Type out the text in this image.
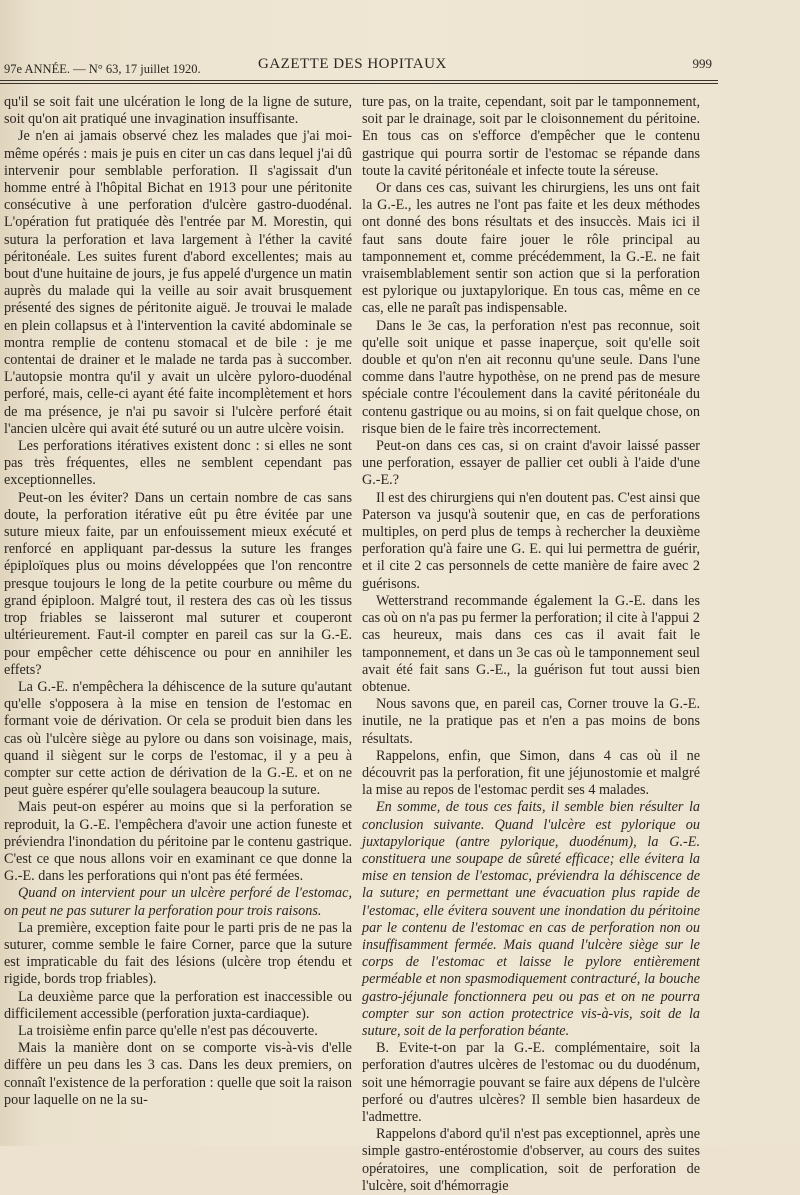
97e ANNÉE. — N° 63, 17 juillet 1920.	GAZETTE DES HOPITAUX	999

qu'il se soit fait une ulcération le long de la ligne de suture, soit qu'on ait pratiqué une invagination insuffisante.

Je n'en ai jamais observé chez les malades que j'ai moi-même opérés : mais je puis en citer un cas dans lequel j'ai dû intervenir pour semblable perforation. Il s'agissait d'un homme entré à l'hôpital Bichat en 1913 pour une péritonite consécutive à une perforation d'ulcère gastro-duodénal. L'opération fut pratiquée dès l'entrée par M. Morestin, qui sutura la perforation et lava largement à l'éther la cavité péritonéale. Les suites furent d'abord excellentes; mais au bout d'une huitaine de jours, je fus appelé d'urgence un matin auprès du malade qui la veille au soir avait brusquement présenté des signes de péritonite aiguë. Je trouvai le malade en plein collapsus et à l'intervention la cavité abdominale se montra remplie de contenu stomacal et de bile : je me contentai de drainer et le malade ne tarda pas à succomber. L'autopsie montra qu'il y avait un ulcère pyloro-duodénal perforé, mais, celle-ci ayant été faite incomplètement et hors de ma présence, je n'ai pu savoir si l'ulcère perforé était l'ancien ulcère qui avait été suturé ou un autre ulcère voisin.

Les perforations itératives existent donc : si elles ne sont pas très fréquentes, elles ne semblent cependant pas exceptionnelles.

Peut-on les éviter? Dans un certain nombre de cas sans doute, la perforation itérative eût pu être évitée par une suture mieux faite, par un enfouissement mieux exécuté et renforcé en appliquant par-dessus la suture les franges épiploïques plus ou moins développées que l'on rencontre presque toujours le long de la petite courbure ou même du grand épiploon. Malgré tout, il restera des cas où les tissus trop friables se laisseront mal suturer et couperont ultérieurement. Faut-il compter en pareil cas sur la G.-E. pour empêcher cette déhiscence ou pour en annihiler les effets?

La G.-E. n'empêchera la déhiscence de la suture qu'autant qu'elle s'opposera à la mise en tension de l'estomac en formant voie de dérivation. Or cela se produit bien dans les cas où l'ulcère siège au pylore ou dans son voisinage, mais, quand il siègent sur le corps de l'estomac, il y a peu à compter sur cette action de dérivation de la G.-E. et on ne peut guère espérer qu'elle soulagera beaucoup la suture.

Mais peut-on espérer au moins que si la perforation se reproduit, la G.-E. l'empêchera d'avoir une action funeste et préviendra l'inondation du péritoine par le contenu gastrique. C'est ce que nous allons voir en examinant ce que donne la G.-E. dans les perforations qui n'ont pas été fermées.

Quand on intervient pour un ulcère perforé de l'estomac, on peut ne pas suturer la perforation pour trois raisons.

La première, exception faite pour le parti pris de ne pas la suturer, comme semble le faire Corner, parce que la suture est impraticable du fait des lésions (ulcère trop étendu et rigide, bords trop friables).

La deuxième parce que la perforation est inaccessible ou difficilement accessible (perforation juxta-cardiaque).

La troisième enfin parce qu'elle n'est pas découverte.

Mais la manière dont on se comporte vis-à-vis d'elle diffère un peu dans les 3 cas. Dans les deux premiers, on connaît l'existence de la perforation : quelle que soit la raison pour laquelle on ne la su-

ture pas, on la traite, cependant, soit par le tamponnement, soit par le drainage, soit par le cloisonnement du péritoine. En tous cas on s'efforce d'empêcher que le contenu gastrique qui pourra sortir de l'estomac se répande dans toute la cavité péritonéale et infecte toute la séreuse.

Or dans ces cas, suivant les chirurgiens, les uns ont fait la G.-E., les autres ne l'ont pas faite et les deux méthodes ont donné des bons résultats et des insuccès. Mais ici il faut sans doute faire jouer le rôle principal au tamponnement et, comme précédemment, la G.-E. ne fait vraisemblablement sentir son action que si la perforation est pylorique ou juxtapylorique. En tous cas, même en ce cas, elle ne paraît pas indispensable.

Dans le 3e cas, la perforation n'est pas reconnue, soit qu'elle soit unique et passe inaperçue, soit qu'elle soit double et qu'on n'en ait reconnu qu'une seule. Dans l'une comme dans l'autre hypothèse, on ne prend pas de mesure spéciale contre l'écoulement dans la cavité péritonéale du contenu gastrique ou au moins, si on fait quelque chose, on risque bien de le faire très incorrectement.

Peut-on dans ces cas, si on craint d'avoir laissé passer une perforation, essayer de pallier cet oubli à l'aide d'une G.-E.?

Il est des chirurgiens qui n'en doutent pas. C'est ainsi que Paterson va jusqu'à soutenir que, en cas de perforations multiples, on perd plus de temps à rechercher la deuxième perforation qu'à faire une G. E. qui lui permettra de guérir, et il cite 2 cas personnels de cette manière de faire avec 2 guérisons.

Wetterstrand recommande également la G.-E. dans les cas où on n'a pas pu fermer la perforation; il cite à l'appui 2 cas heureux, mais dans ces cas il avait fait le tamponnement, et dans un 3e cas où le tamponnement seul avait été fait sans G.-E., la guérison fut tout aussi bien obtenue.

Nous savons que, en pareil cas, Corner trouve la G.-E. inutile, ne la pratique pas et n'en a pas moins de bons résultats.

Rappelons, enfin, que Simon, dans 4 cas où il ne découvrit pas la perforation, fit une jéjunostomie et malgré la mise au repos de l'estomac perdit ses 4 malades.

En somme, de tous ces faits, il semble bien résulter la conclusion suivante. Quand l'ulcère est pylorique ou juxtapylorique (antre pylorique, duodénum), la G.-E. constituera une soupape de sûreté efficace; elle évitera la mise en tension de l'estomac, préviendra la déhiscence de la suture; en permettant une évacuation plus rapide de l'estomac, elle évitera souvent une inondation du péritoine par le contenu de l'estomac en cas de perforation non ou insuffisamment fermée. Mais quand l'ulcère siège sur le corps de l'estomac et laisse le pylore entièrement perméable et non spasmodiquement contracturé, la bouche gastro-jéjunale fonctionnera peu ou pas et on ne pourra compter sur son action protectrice vis-à-vis, soit de la suture, soit de la perforation béante.

B. Evite-t-on par la G.-E. complémentaire, soit la perforation d'autres ulcères de l'estomac ou du duodénum, soit une hémorragie pouvant se faire aux dépens de l'ulcère perforé ou d'autres ulcères? Il semble bien hasardeux de l'admettre.

Rappelons d'abord qu'il n'est pas exceptionnel, après une simple gastro-entérostomie d'observer, au cours des suites opératoires, une complication, soit de perforation de l'ulcère, soit d'hémorragie
